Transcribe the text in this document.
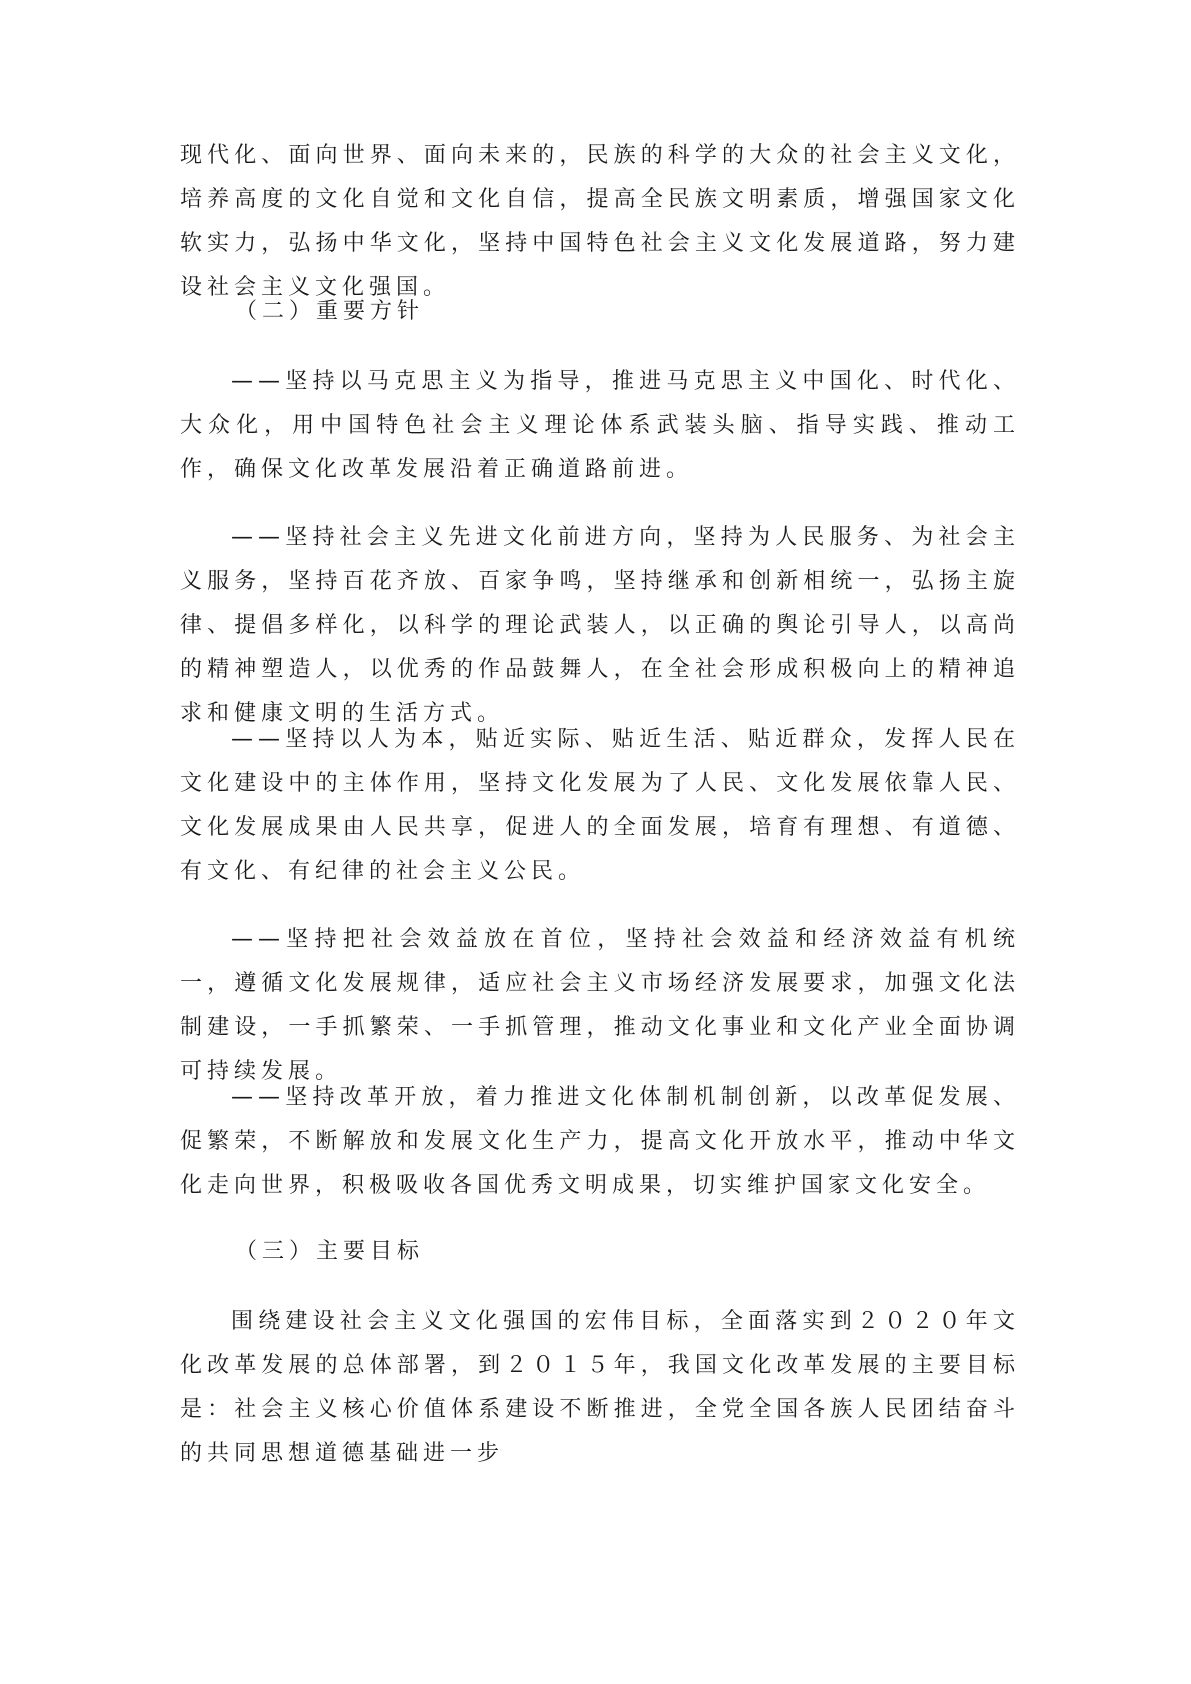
现代化、面向世界、面向未来的，民族的科学的大众的社会主义文化，培养高度的文化自觉和文化自信，提高全民族文明素质，增强国家文化软实力，弘扬中华文化，坚持中国特色社会主义文化发展道路，努力建设社会主义文化强国。

（二）重要方针

——坚持以马克思主义为指导，推进马克思主义中国化、时代化、大众化，用中国特色社会主义理论体系武装头脑、指导实践、推动工作，确保文化改革发展沿着正确道路前进。

——坚持社会主义先进文化前进方向，坚持为人民服务、为社会主义服务，坚持百花齐放、百家争鸣，坚持继承和创新相统一，弘扬主旋律、提倡多样化，以科学的理论武装人，以正确的舆论引导人，以高尚的精神塑造人，以优秀的作品鼓舞人，在全社会形成积极向上的精神追求和健康文明的生活方式。

——坚持以人为本，贴近实际、贴近生活、贴近群众，发挥人民在文化建设中的主体作用，坚持文化发展为了人民、文化发展依靠人民、文化发展成果由人民共享，促进人的全面发展，培育有理想、有道德、有文化、有纪律的社会主义公民。

——坚持把社会效益放在首位，坚持社会效益和经济效益有机统一，遵循文化发展规律，适应社会主义市场经济发展要求，加强文化法制建设，一手抓繁荣、一手抓管理，推动文化事业和文化产业全面协调可持续发展。

——坚持改革开放，着力推进文化体制机制创新，以改革促发展、促繁荣，不断解放和发展文化生产力，提高文化开放水平，推动中华文化走向世界，积极吸收各国优秀文明成果，切实维护国家文化安全。

（三）主要目标

围绕建设社会主义文化强国的宏伟目标，全面落实到２０２０年文化改革发展的总体部署，到２０１５年，我国文化改革发展的主要目标是：社会主义核心价值体系建设不断推进，全党全国各族人民团结奋斗的共同思想道德基础进一步
